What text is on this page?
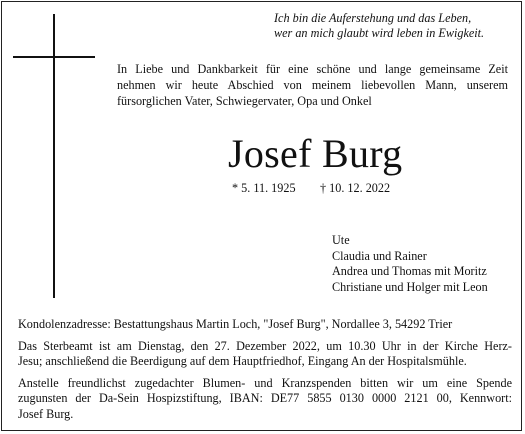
Ich bin die Auferstehung und das Leben,
wer an mich glaubt wird leben in Ewigkeit.
In Liebe und Dankbarkeit für eine schöne und lange gemeinsame Zeit
nehmen wir heute Abschied von meinem liebevollen Mann, unserem
fürsorglichen Vater, Schwiegervater, Opa und Onkel
Josef Burg
* 5. 11. 1925 † 10. 12. 2022
Ute
Claudia und Rainer
Andrea und Thomas mit Moritz
Christiane und Holger mit Leon
Kondolenzadresse: Bestattungshaus Martin Loch, "Josef Burg", Nordallee 3, 54292 Trier
Das Sterbeamt ist am Dienstag, den 27. Dezember 2022, um 10.30 Uhr in der Kirche Herz-
Jesu; anschließend die Beerdigung auf dem Hauptfriedhof, Eingang An der Hospitalsmühle.
Anstelle freundlichst zugedachter Blumen- und Kranzspenden bitten wir um eine Spende
zugunsten der Da-Sein Hospizstiftung, IBAN: DE77 5855 0130 0000 2121 00, Kennwort:
Josef Burg.
